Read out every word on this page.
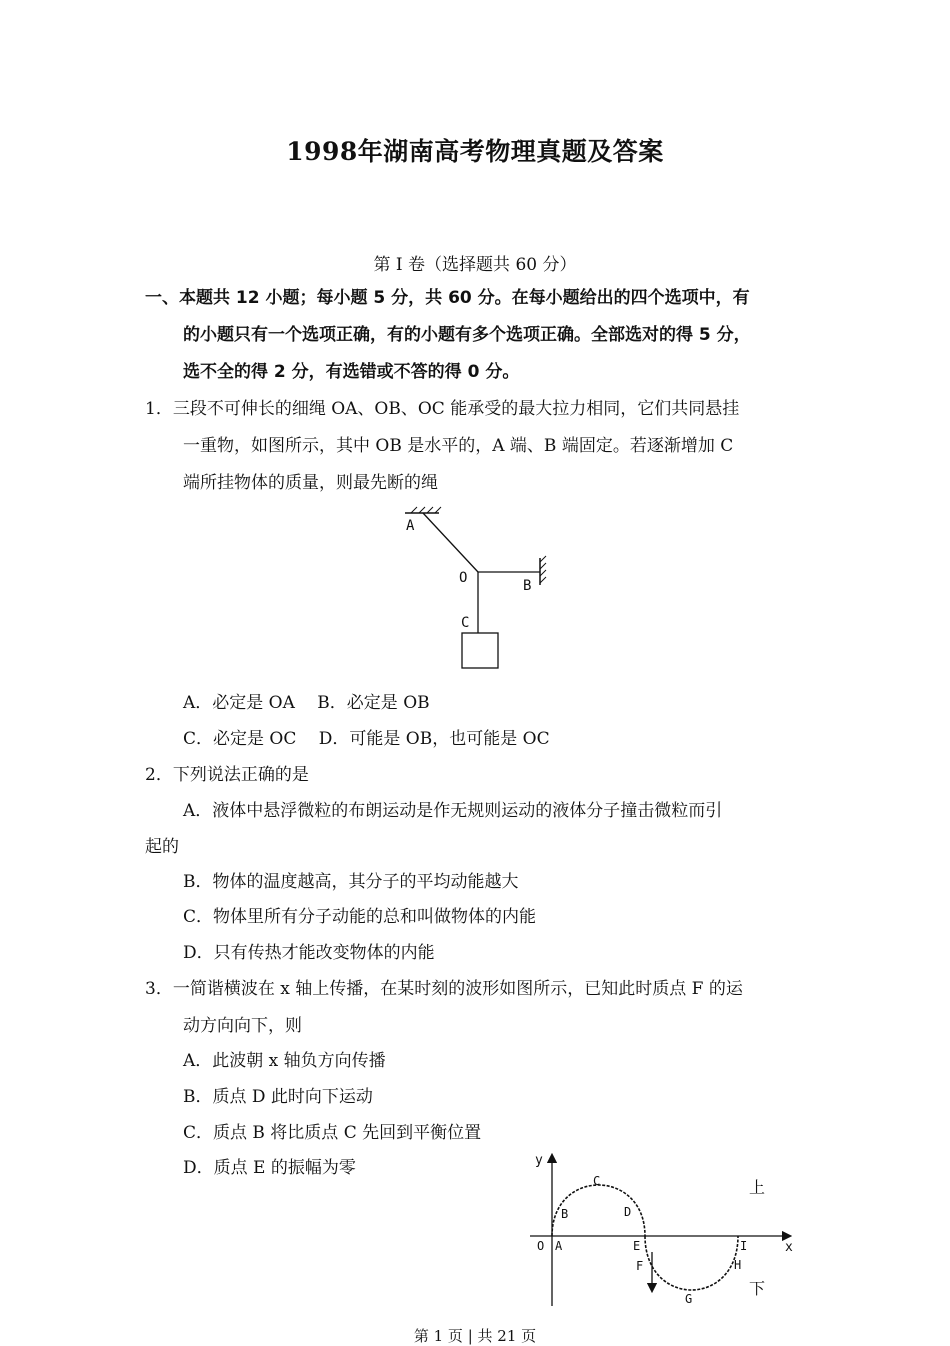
1998年湖南高考物理真题及答案
第 I 卷（选择题共 60 分）
一、本题共 12 小题；每小题 5 分，共 60 分。在每小题给出的四个选项中，有
的小题只有一个选项正确，有的小题有多个选项正确。全部选对的得 5 分，
选不全的得 2 分，有选错或不答的得 0 分。
1．三段不可伸长的细绳 OA、OB、OC 能承受的最大拉力相同，它们共同悬挂
一重物，如图所示，其中 OB 是水平的，A 端、B 端固定。若逐渐增加 C
端所挂物体的质量，则最先断的绳
A
O	B
C
A．必定是 OA　 B．必定是 OB
C．必定是 OC　 D．可能是 OB，也可能是 OC
2．下列说法正确的是
A．液体中悬浮微粒的布朗运动是作无规则运动的液体分子撞击微粒而引
起的
B．物体的温度越高，其分子的平均动能越大
C．物体里所有分子动能的总和叫做物体的内能
D．只有传热才能改变物体的内能
3．一简谐横波在 x 轴上传播，在某时刻的波形如图所示，已知此时质点 F 的运
动方向向下，则
A．此波朝 x 轴负方向传播
B．质点 D 此时向下运动
C．质点 B 将比质点 C 先回到平衡位置
D．质点 E 的振幅为零	y
x
O A
B
C
D
E
F
G
H
I
上
下
第 1 页 | 共 21 页
